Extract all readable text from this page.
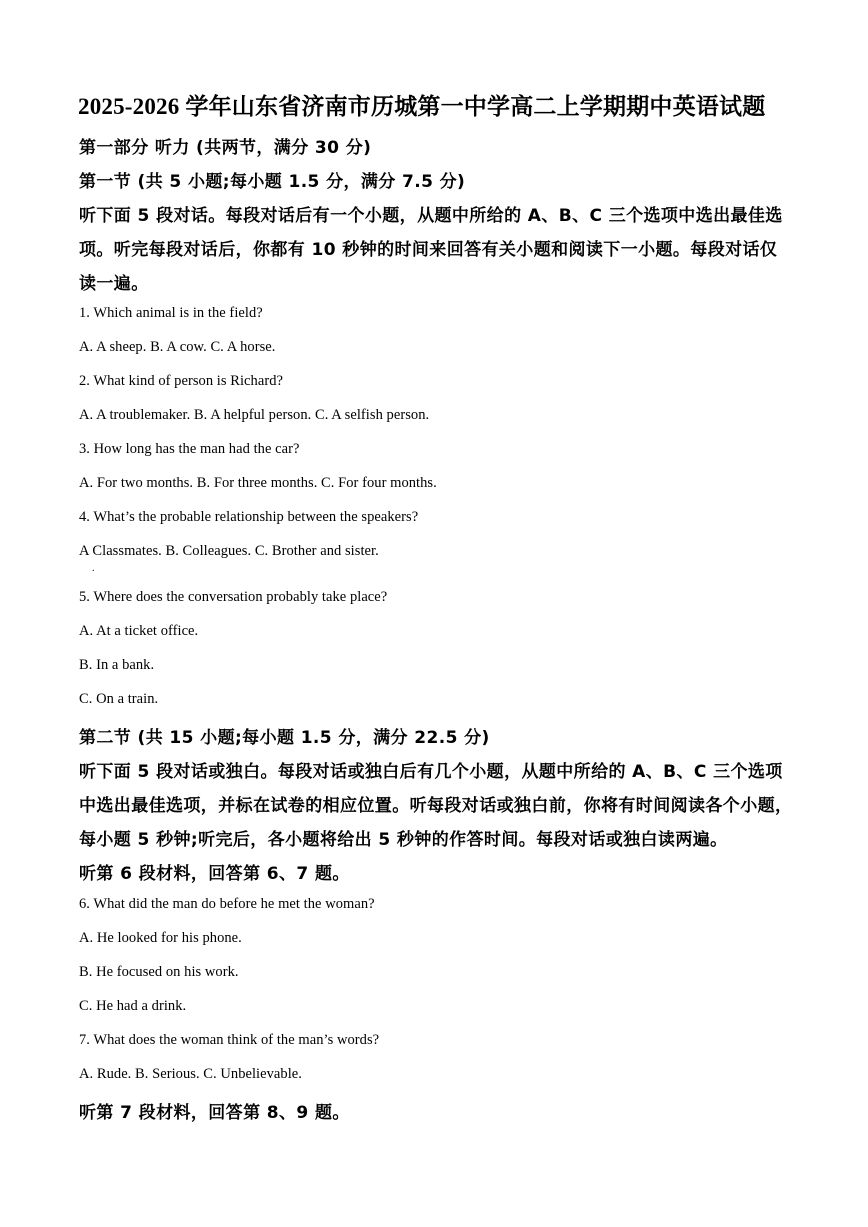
2025-2026 学年山东省济南市历城第一中学高二上学期期中英语试题
第一部分 听力 (共两节，满分 30 分)
第一节 (共 5 小题;每小题 1.5 分，满分 7.5 分)
听下面 5 段对话。每段对话后有一个小题，从题中所给的 A、B、C 三个选项中选出最佳选
项。听完每段对话后，你都有 10 秒钟的时间来回答有关小题和阅读下一小题。每段对话仅
读一遍。
1. Which animal is in the field?
A. A sheep. B. A cow. C. A horse.
2. What kind of person is Richard?
A. A troublemaker. B. A helpful person. C. A selfish person.
3. How long has the man had the car?
A. For two months. B. For three months. C. For four months.
4. What’s the probable relationship between the speakers?
A Classmates. B. Colleagues. C. Brother and sister.
.
5. Where does the conversation probably take place?
A. At a ticket office.
B. In a bank.
C. On a train.
第二节 (共 15 小题;每小题 1.5 分，满分 22.5 分)
听下面 5 段对话或独白。每段对话或独白后有几个小题，从题中所给的 A、B、C 三个选项
中选出最佳选项，并标在试卷的相应位置。听每段对话或独白前，你将有时间阅读各个小题，
每小题 5 秒钟;听完后，各小题将给出 5 秒钟的作答时间。每段对话或独白读两遍。
听第 6 段材料，回答第 6、7 题。
6. What did the man do before he met the woman?
A. He looked for his phone.
B. He focused on his work.
C. He had a drink.
7. What does the woman think of the man’s words?
A. Rude. B. Serious. C. Unbelievable.
听第 7 段材料，回答第 8、9 题。
